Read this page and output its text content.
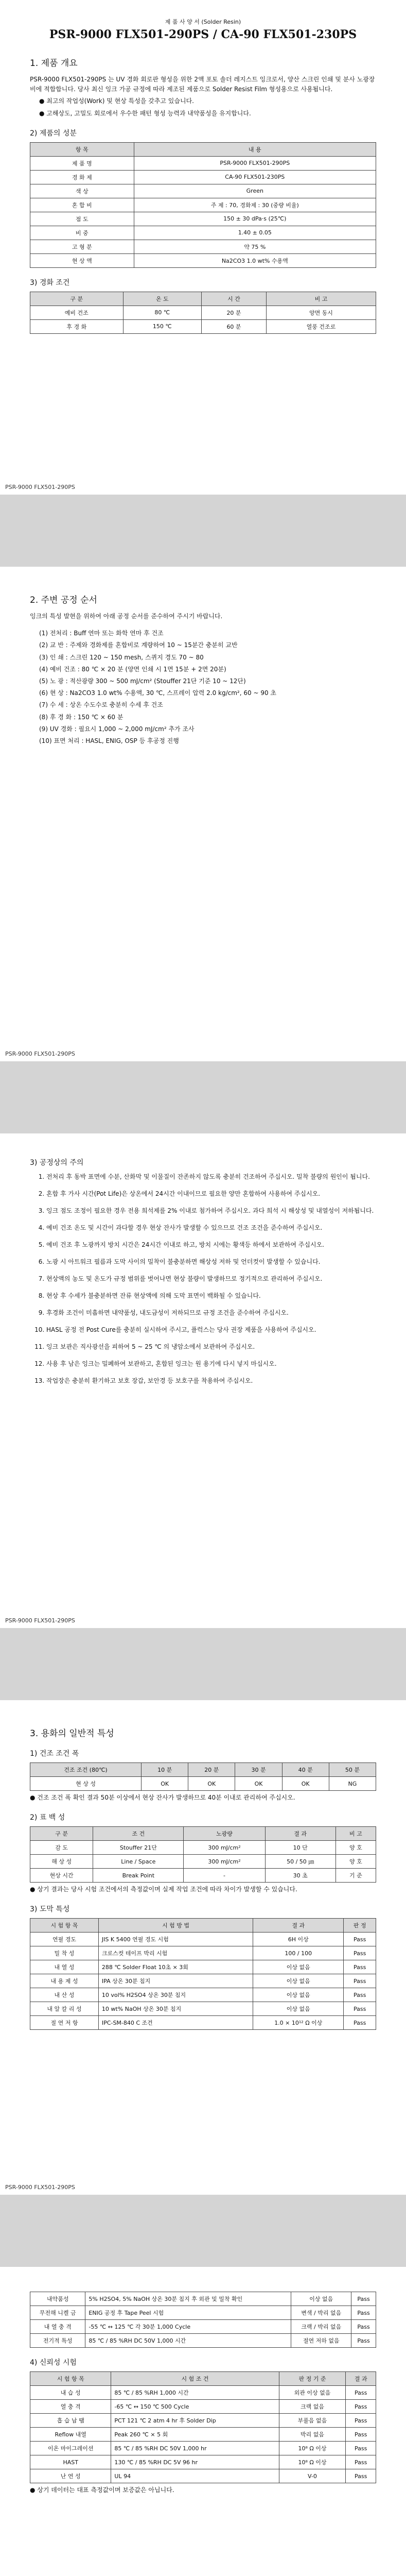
제 품 사 양 서 (Solder Resin)
PSR-9000 FLX501-290PS / CA-90 FLX501-230PS
1. 제품 개요

PSR-9000 FLX501-290PS 는 UV 경화 회로판 형성을 위한 2액 포토 솔더 레지스트 잉크로서, 양산 스크린 인쇄 및 분사 노광장비에 적합합니다. 당사 최신 잉크 가공 규정에 따라 제조된 제품으로 Solder Resist Film 형성용으로 사용됩니다.

● 최고의 작업성(Work) 및 현상 특성을 갖추고 있습니다.

● 고해상도, 고밀도 회로에서 우수한 패턴 형성 능력과 내약품성을 유지합니다.

2) 제품의 성분
항 목	내 용
제 품 명	PSR-9000 FLX501-290PS
경 화 제	CA-90 FLX501-230PS
색 상	Green
혼 합 비	주 제 : 70, 경화제 : 30 (중량 비율)
점 도	150 ± 30 dPa·s (25℃)
비 중	1.40 ± 0.05
고 형 분	약 75 %
현 상 액	Na2CO3 1.0 wt% 수용액
3) 경화 조건
구 분	온 도	시 간	비 고
예비 건조	80 ℃	20 분	양면 동시
후 경 화	150 ℃	60 분	열풍 건조로
PSR-9000 FLX501-290PS
2. 주변 공정 순서

잉크의 특성 발현을 위하여 아래 공정 순서를 준수하여 주시기 바랍니다.

(1) 전처리 : Buff 연마 또는 화학 연마 후 건조

(2) 교 반 : 주제와 경화제를 혼합비로 계량하여 10 ~ 15분간 충분히 교반

(3) 인 쇄 : 스크린 120 ~ 150 mesh, 스퀴지 경도 70 ~ 80

(4) 예비 건조 : 80 ℃ × 20 분 (양면 인쇄 시 1면 15분 + 2면 20분)

(5) 노 광 : 적산광량 300 ~ 500 mJ/cm² (Stouffer 21단 기준 10 ~ 12단)

(6) 현 상 : Na2CO3 1.0 wt% 수용액, 30 ℃, 스프레이 압력 2.0 kg/cm², 60 ~ 90 초

(7) 수 세 : 상온 수도수로 충분히 수세 후 건조

(8) 후 경 화 : 150 ℃ × 60 분

(9) UV 경화 : 필요시 1,000 ~ 2,000 mJ/cm² 추가 조사

(10) 표면 처리 : HASL, ENIG, OSP 등 후공정 진행

PSR-9000 FLX501-290PS
3) 공정상의 주의
1. 전처리 후 동박 표면에 수분, 산화막 및 이물질이 잔존하지 않도록 충분히 건조하여 주십시오. 밀착 불량의 원인이 됩니다.
2. 혼합 후 가사 시간(Pot Life)은 상온에서 24시간 이내이므로 필요한 양만 혼합하여 사용하여 주십시오.
3. 잉크 점도 조정이 필요한 경우 전용 희석제를 2% 이내로 첨가하여 주십시오. 과다 희석 시 해상성 및 내열성이 저하됩니다.
4. 예비 건조 온도 및 시간이 과다할 경우 현상 잔사가 발생할 수 있으므로 건조 조건을 준수하여 주십시오.
5. 예비 건조 후 노광까지 방치 시간은 24시간 이내로 하고, 방치 시에는 황색등 하에서 보관하여 주십시오.
6. 노광 시 아트워크 필름과 도막 사이의 밀착이 불충분하면 해상성 저하 및 언더컷이 발생할 수 있습니다.
7. 현상액의 농도 및 온도가 규정 범위를 벗어나면 현상 불량이 발생하므로 정기적으로 관리하여 주십시오.
8. 현상 후 수세가 불충분하면 잔류 현상액에 의해 도막 표면이 백화될 수 있습니다.
9. 후경화 조건이 미흡하면 내약품성, 내도금성이 저하되므로 규정 조건을 준수하여 주십시오.
10. HASL 공정 전 Post Cure를 충분히 실시하여 주시고, 플럭스는 당사 권장 제품을 사용하여 주십시오.
11. 잉크 보관은 직사광선을 피하여 5 ~ 25 ℃ 의 냉암소에서 보관하여 주십시오.
12. 사용 후 남은 잉크는 밀폐하여 보관하고, 혼합된 잉크는 원 용기에 다시 넣지 마십시오.
13. 작업장은 충분히 환기하고 보호 장갑, 보안경 등 보호구를 착용하여 주십시오.
PSR-9000 FLX501-290PS
3. 용화의 일반적 특성
1) 건조 조건 폭
건조 조건 (80℃)	10 분	20 분	30 분	40 분	50 분
현 상 성	OK	OK	OK	OK	NG

● 건조 조건 폭 확인 결과 50분 이상에서 현상 잔사가 발생하므로 40분 이내로 관리하여 주십시오.

2) 표 백 성
구 분	조 건	노광량	결 과	비 고
감 도	Stouffer 21단	300 mJ/cm²	10 단	양 호
해 상 성	Line / Space	300 mJ/cm²	50 / 50 ㎛	양 호
현상 시간	Break Point	-	30 초	기 준

● 상기 결과는 당사 시험 조건에서의 측정값이며 실제 작업 조건에 따라 차이가 발생할 수 있습니다.

3) 도막 특성
시 험 항 목	시 험 방 법	결 과	판 정
연필 경도	JIS K 5400 연필 경도 시험	6H 이상	Pass
밀 착 성	크로스컷 테이프 박리 시험	100 / 100	Pass
내 열 성	288 ℃ Solder Float 10초 × 3회	이상 없음	Pass
내 용 제 성	IPA 상온 30분 침지	이상 없음	Pass
내 산 성	10 vol% H2SO4 상온 30분 침지	이상 없음	Pass
내 알 칼 리 성	10 wt% NaOH 상온 30분 침지	이상 없음	Pass
절 연 저 항	IPC-SM-840 C 조건	1.0 × 10¹² Ω 이상	Pass
PSR-9000 FLX501-290PS
내약품성	5% H2SO4, 5% NaOH 상온 30분 침지 후 외관 및 밀착 확인	이상 없음	Pass
무전해 니켈 금	ENIG 공정 후 Tape Peel 시험	변색 / 박리 없음	Pass
내 열 충 격	-55 ℃ ↔ 125 ℃ 각 30분 1,000 Cycle	크랙 / 박리 없음	Pass
전기적 특성	85 ℃ / 85 %RH DC 50V 1,000 시간	절연 저하 없음	Pass
4) 신뢰성 시험
시 험 항 목	시 험 조 건	판 정 기 준	결 과
내 습 성	85 ℃ / 85 %RH 1,000 시간	외관 이상 없음	Pass
열 충 격	-65 ℃ ↔ 150 ℃ 500 Cycle	크랙 없음	Pass
흡 습 납 땜	PCT 121 ℃ 2 atm 4 hr 후 Solder Dip	부풀음 없음	Pass
Reflow 내열	Peak 260 ℃ × 5 회	박리 없음	Pass
이온 마이그레이션	85 ℃ / 85 %RH DC 50V 1,000 hr	10⁸ Ω 이상	Pass
HAST	130 ℃ / 85 %RH DC 5V 96 hr	10⁸ Ω 이상	Pass
난 연 성	UL 94	V-0	Pass

● 상기 데이터는 대표 측정값이며 보증값은 아닙니다.
